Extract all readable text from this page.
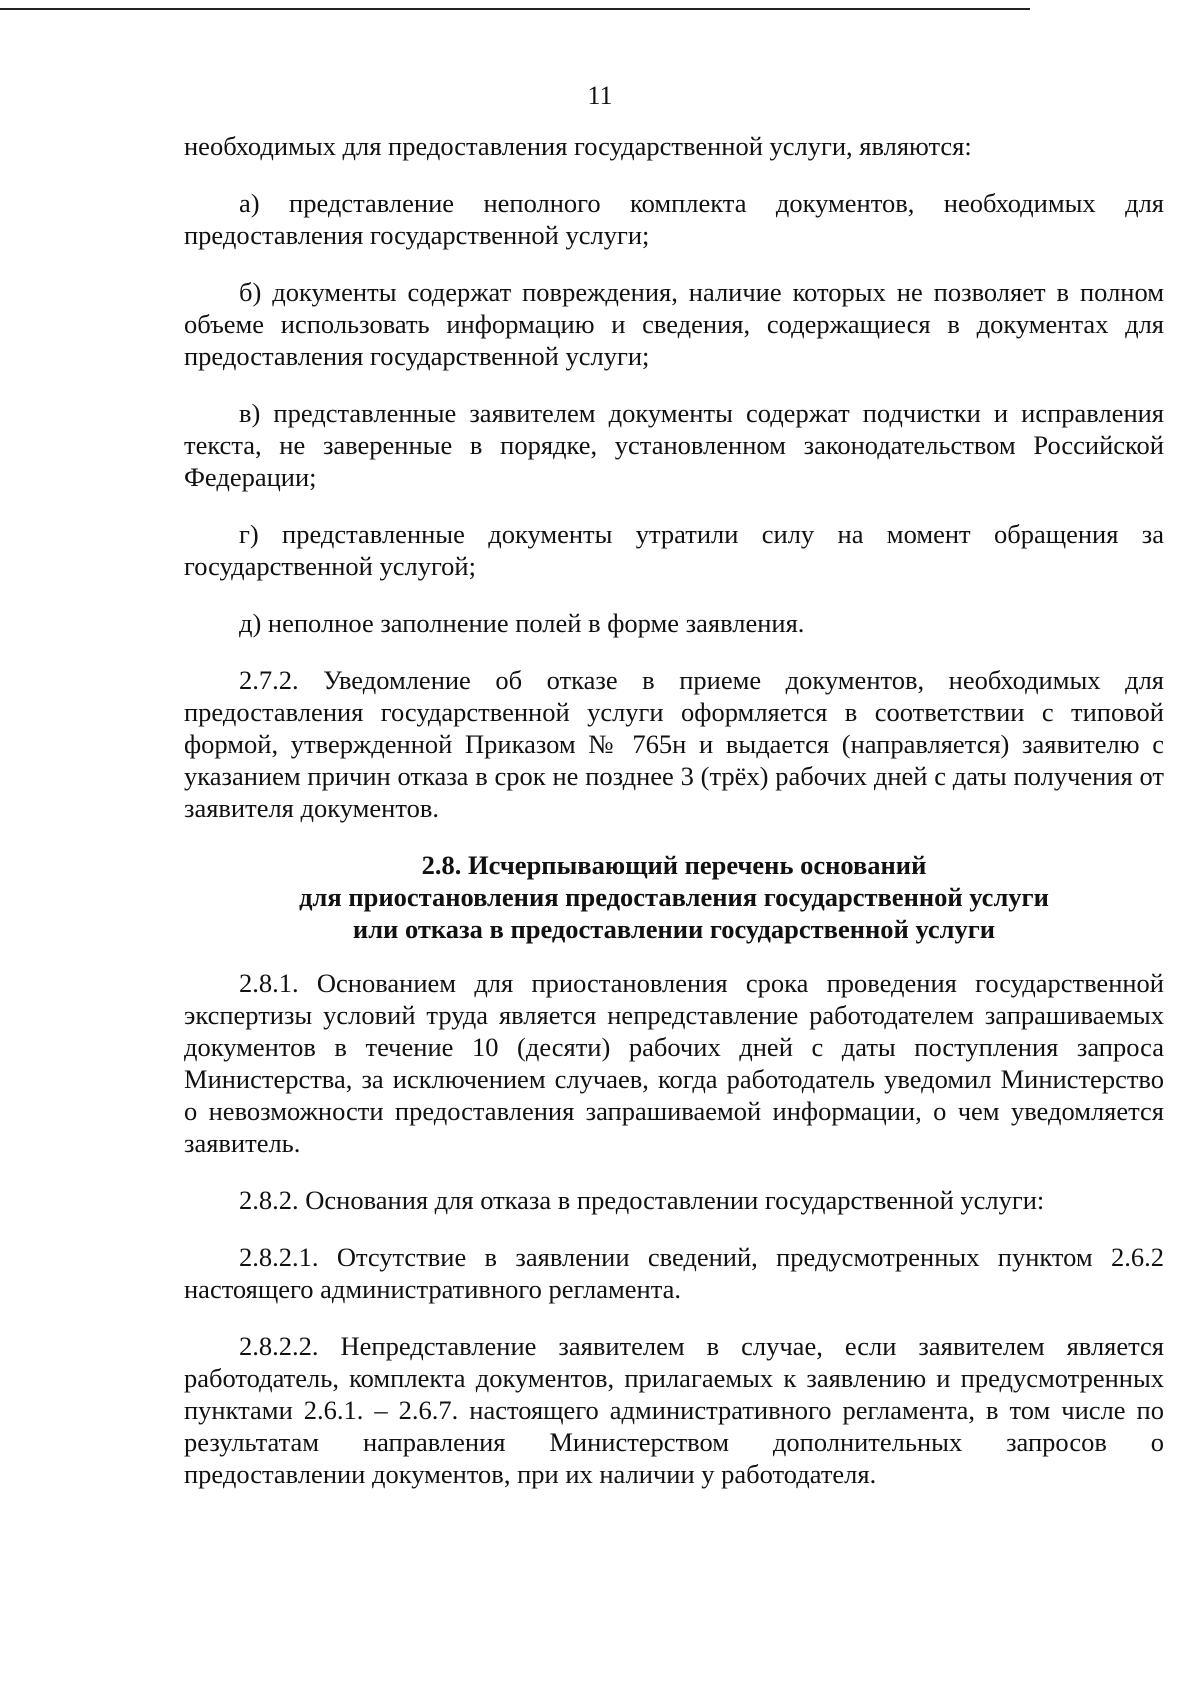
11

необходимых для предоставления государственной услуги, являются:

а) представление неполного комплекта документов, необходимых для предоставления государственной услуги;

б) документы содержат повреждения, наличие которых не позволяет в полном объеме использовать информацию и сведения, содержащиеся в документах для предоставления государственной услуги;

в) представленные заявителем документы содержат подчистки и исправления текста, не заверенные в порядке, установленном законодательством Российской Федерации;

г) представленные документы утратили силу на момент обращения за государственной услугой;

д) неполное заполнение полей в форме заявления.

2.7.2. Уведомление об отказе в приеме документов, необходимых для предоставления государственной услуги оформляется в соответствии с типовой формой, утвержденной Приказом № 765н и выдается (направляется) заявителю с указанием причин отказа в срок не позднее 3 (трёх) рабочих дней с даты получения от заявителя документов.

2.8. Исчерпывающий перечень оснований
для приостановления предоставления государственной услуги
или отказа в предоставлении государственной услуги

2.8.1. Основанием для приостановления срока проведения государственной экспертизы условий труда является непредставление работодателем запрашиваемых документов в течение 10 (десяти) рабочих дней с даты поступления запроса Министерства, за исключением случаев, когда работодатель уведомил Министерство о невозможности предоставления запрашиваемой информации, о чем уведомляется заявитель.

2.8.2. Основания для отказа в предоставлении государственной услуги:

2.8.2.1. Отсутствие в заявлении сведений, предусмотренных пунктом 2.6.2 настоящего административного регламента.

2.8.2.2. Непредставление заявителем в случае, если заявителем является работодатель, комплекта документов, прилагаемых к заявлению и предусмотренных пунктами 2.6.1. – 2.6.7. настоящего административного регламента, в том числе по результатам направления Министерством дополнительных запросов о предоставлении документов, при их наличии у работодателя.
